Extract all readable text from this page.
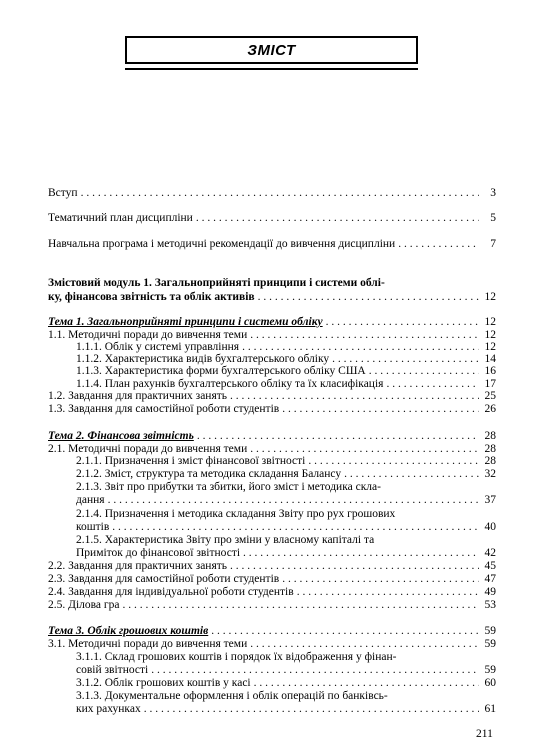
ЗМІСТ
Вступ . . .	3
Тематичний план дисципліни . . .	5
Навчальна програма і методичні рекомендації до вивчення дисципліни . . .	7
Змістовий модуль 1. Загальноприйняті принципи і системи облі-
ку, фінансова звітність та облік активів . . .	12
Тема 1. Загальноприйняті принципи і системи обліку . . .	12
1.1. Методичні поради до вивчення теми . . .	12
1.1.1. Облік у системі управління . . .	12
1.1.2. Характеристика видів бухгалтерського обліку . . .	14
1.1.3. Характеристика форми бухгалтерського обліку США . . .	16
1.1.4. План рахунків бухгалтерського обліку та їх класифікація . . .	17
1.2. Завдання для практичних занять . . .	25
1.3. Завдання для самостійної роботи студентів . . .	26
Тема 2. Фінансова звітність . . .	28
2.1. Методичні поради до вивчення теми . . .	28
2.1.1. Призначення і зміст фінансової звітності . . .	28
2.1.2. Зміст, структура та методика складання Балансу . . .	32
2.1.3. Звіт про прибутки та збитки, його зміст і методика скла-
дання . . .	37
2.1.4. Призначення і методика складання Звіту про рух грошових
коштів . . .	40
2.1.5. Характеристика Звіту про зміни у власному капіталі та
Приміток до фінансової звітності . . .	42
2.2. Завдання для практичних занять . . .	45
2.3. Завдання для самостійної роботи студентів . . .	47
2.4. Завдання для індивідуальної роботи студентів . . .	49
2.5. Ділова гра . . .	53
Тема 3. Облік грошових коштів . . .	59
3.1. Методичні поради до вивчення теми . . .	59
3.1.1. Склад грошових коштів і порядок їх відображення у фінан-
совій звітності . . .	59
3.1.2. Облік грошових коштів у касі . . .	60
3.1.3. Документальне оформлення і облік операцій по банківсь-
ких рахунках . . .	61
211
